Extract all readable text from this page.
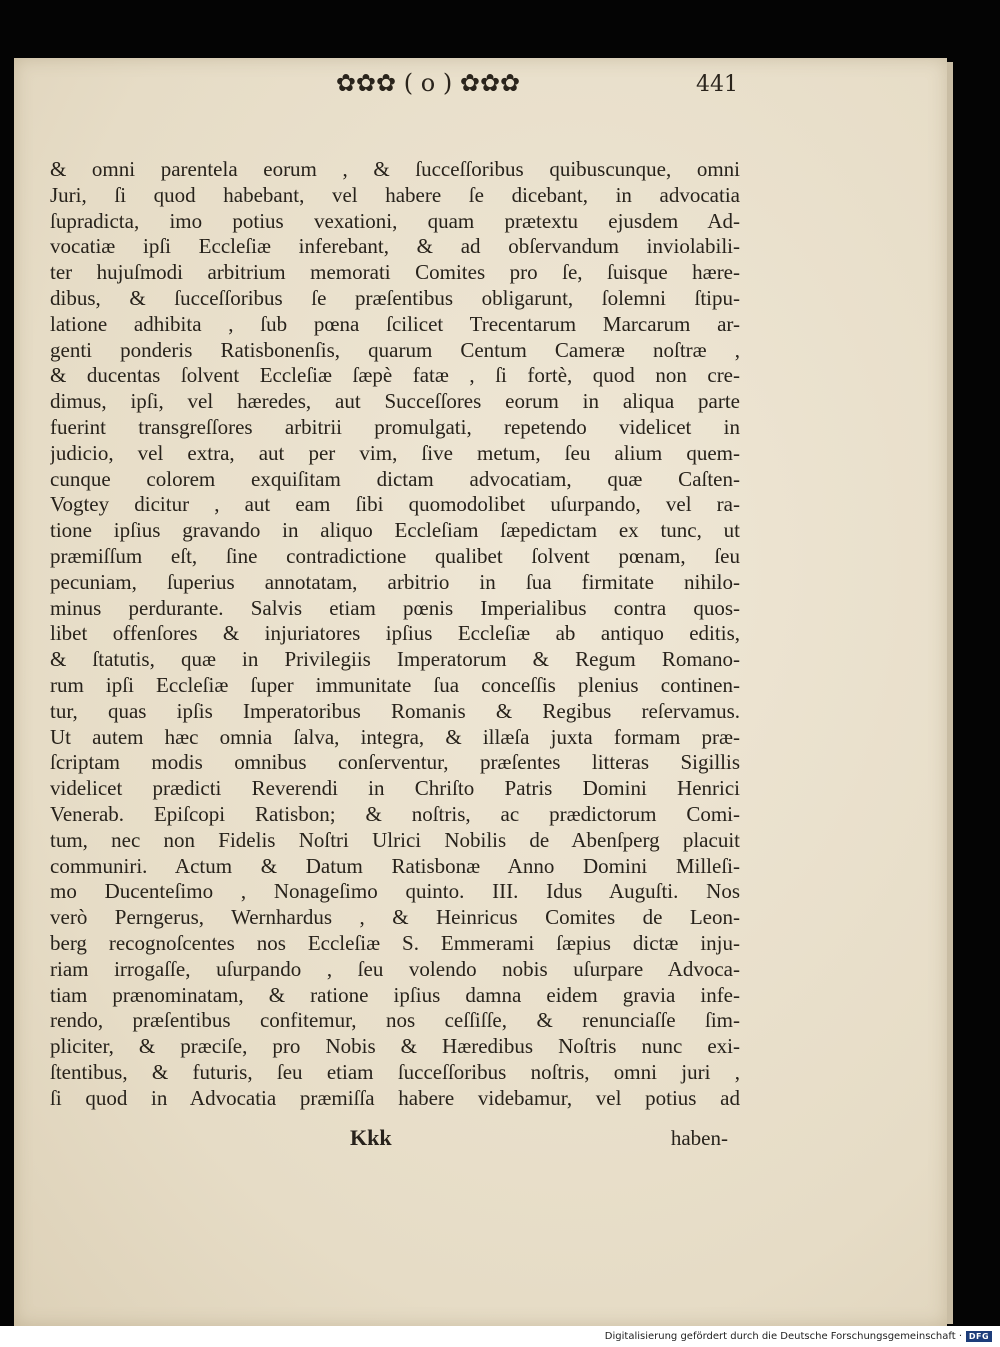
✿✿✿ ( o ) ✿✿✿	441
& omni parentela eorum , & ſucceſſoribus quibuscunque, omni
Juri, ſi quod habebant, vel habere ſe dicebant, in advocatia
ſupradicta, imo potius vexationi, quam prætextu ejusdem Ad-
vocatiæ ipſi Eccleſiæ inferebant, & ad obſervandum inviolabili-
ter hujuſmodi arbitrium memorati Comites pro ſe, ſuisque hære-
dibus, & ſucceſſoribus ſe præſentibus obligarunt, ſolemni ſtipu-
latione adhibita , ſub pœna ſcilicet Trecentarum Marcarum ar-
genti ponderis Ratisbonenſis, quarum Centum Cameræ noſtræ ,
& ducentas ſolvent Eccleſiæ ſæpè fatæ , ſi fortè, quod non cre-
dimus, ipſi, vel hæredes, aut Succeſſores eorum in aliqua parte
fuerint transgreſſores arbitrii promulgati, repetendo videlicet in
judicio, vel extra, aut per vim, ſive metum, ſeu alium quem-
cunque colorem exquiſitam dictam advocatiam, quæ Caſten-
Vogtey dicitur , aut eam ſibi quomodolibet uſurpando, vel ra-
tione ipſius gravando in aliquo Eccleſiam ſæpedictam ex tunc, ut
præmiſſum eſt, ſine contradictione qualibet ſolvent pœnam, ſeu
pecuniam, ſuperius annotatam, arbitrio in ſua firmitate nihilo-
minus perdurante. Salvis etiam pœnis Imperialibus contra quos-
libet offenſores & injuriatores ipſius Eccleſiæ ab antiquo editis,
& ſtatutis, quæ in Privilegiis Imperatorum & Regum Romano-
rum ipſi Eccleſiæ ſuper immunitate ſua conceſſis plenius continen-
tur, quas ipſis Imperatoribus Romanis & Regibus reſervamus.
Ut autem hæc omnia ſalva, integra, & illæſa juxta formam præ-
ſcriptam modis omnibus conſerventur, præſentes litteras Sigillis
videlicet prædicti Reverendi in Chriſto Patris Domini Henrici
Venerab. Epiſcopi Ratisbon; & noſtris, ac prædictorum Comi-
tum, nec non Fidelis Noſtri Ulrici Nobilis de Abenſperg placuit
communiri. Actum & Datum Ratisbonæ Anno Domini Milleſi-
mo Ducenteſimo , Nonageſimo quinto. III. Idus Auguſti. Nos
verò Perngerus, Wernhardus , & Heinricus Comites de Leon-
berg recognoſcentes nos Eccleſiæ S. Emmerami ſæpius dictæ inju-
riam irrogaſſe, uſurpando , ſeu volendo nobis uſurpare Advoca-
tiam prænominatam, & ratione ipſius damna eidem gravia infe-
rendo, præſentibus confitemur, nos ceſſiſſe, & renunciaſſe ſim-
pliciter, & præciſe, pro Nobis & Hæredibus Noſtris nunc exi-
ſtentibus, & futuris, ſeu etiam ſucceſſoribus noſtris, omni juri ,
ſi quod in Advocatia præmiſſa habere videbamur, vel potius ad
Kkk	haben-
Digitalisierung gefördert durch die Deutsche Forschungsgemeinschaft · DFG
